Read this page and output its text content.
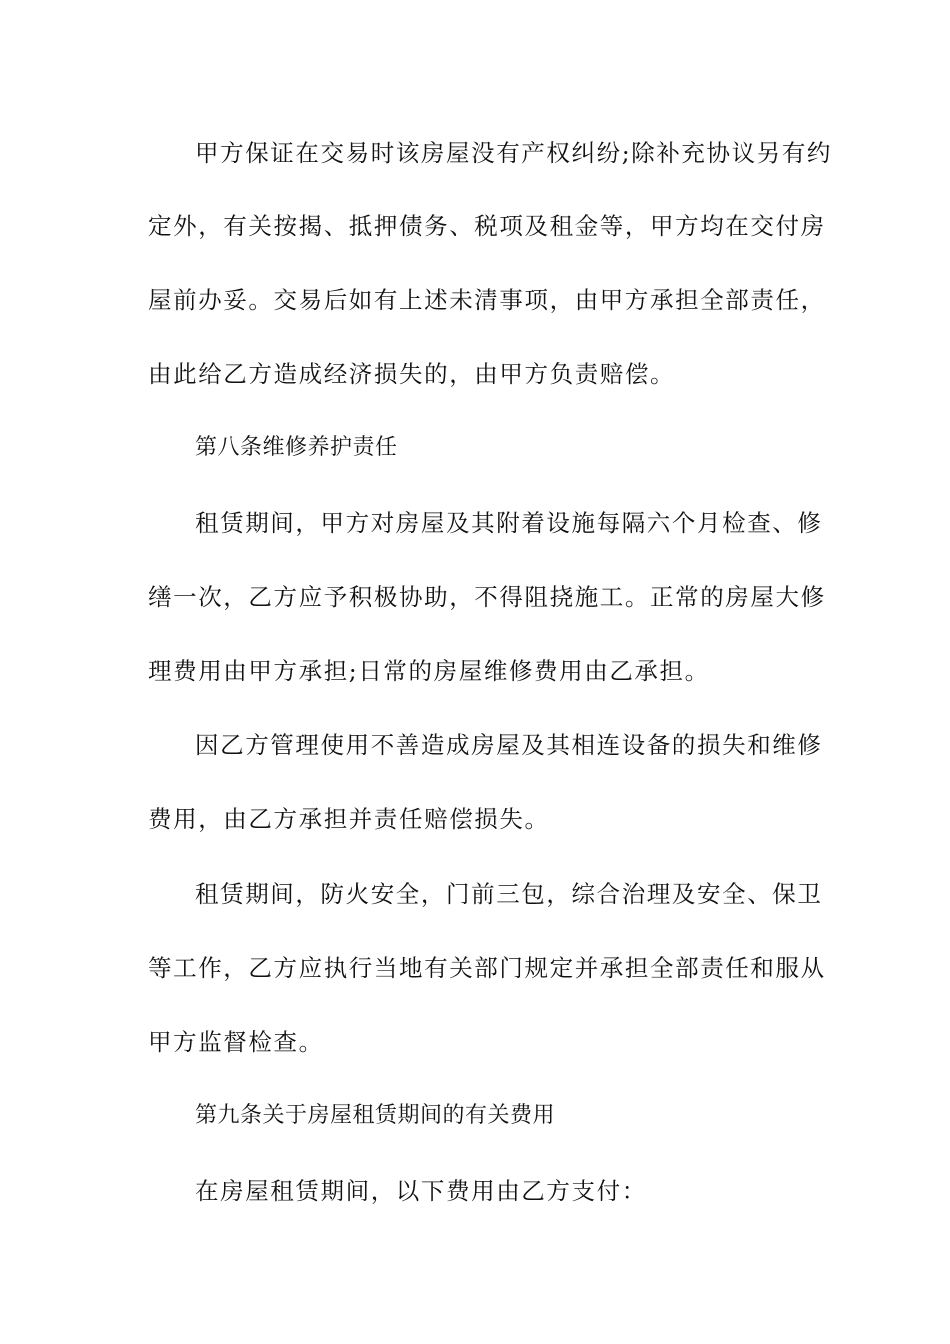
甲方保证在交易时该房屋没有产权纠纷;除补充协议另有约
定外，有关按揭、抵押债务、税项及租金等，甲方均在交付房
屋前办妥。交易后如有上述未清事项，由甲方承担全部责任，
由此给乙方造成经济损失的，由甲方负责赔偿。
第八条维修养护责任
租赁期间，甲方对房屋及其附着设施每隔六个月检查、修
缮一次，乙方应予积极协助，不得阻挠施工。正常的房屋大修
理费用由甲方承担;日常的房屋维修费用由乙承担。
因乙方管理使用不善造成房屋及其相连设备的损失和维修
费用，由乙方承担并责任赔偿损失。
租赁期间，防火安全，门前三包，综合治理及安全、保卫
等工作，乙方应执行当地有关部门规定并承担全部责任和服从
甲方监督检查。
第九条关于房屋租赁期间的有关费用
在房屋租赁期间，以下费用由乙方支付：
